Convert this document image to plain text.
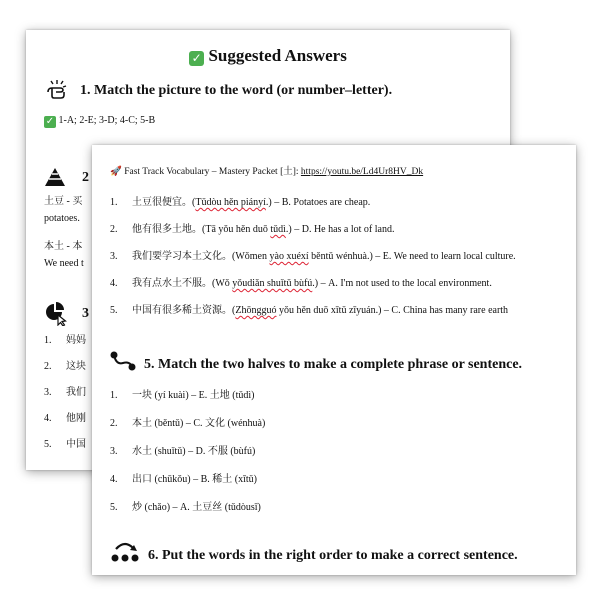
✓ Suggested Answers
1. Match the picture to the word (or number–letter).
✓ 1-A; 2-E; 3-D; 4-C; 5-B
2
土豆 - 买
potatoes.
本土 - 本
We need t
3
1. 妈妈
2. 这块
3. 我们
4. 他刚
5. 中国
🚀 Fast Track Vocabulary – Mastery Packet [土]: https://youtu.be/Ld4Ur8HV_Dk
1. 土豆很便宜。(Tǔdòu hěn piányí.) – B. Potatoes are cheap.
2. 他有很多土地。(Tā yǒu hěn duō tǔdì.) – D. He has a lot of land.
3. 我们要学习本土文化。(Wǒmen yào xuéxí běntǔ wénhuà.) – E. We need to learn local culture.
4. 我有点水土不服。(Wǒ yǒudiǎn shuǐtǔ bùfú.) – A. I'm not used to the local environment.
5. 中国有很多稀土资源。(Zhōngguó yǒu hěn duō xītǔ zīyuán.) – C. China has many rare earth
5. Match the two halves to make a complete phrase or sentence.
1. 一块 (yí kuài) – E. 土地 (tǔdì)
2. 本土 (běntǔ) – C. 文化 (wénhuà)
3. 水土 (shuǐtǔ) – D. 不服 (bùfú)
4. 出口 (chūkǒu) – B. 稀土 (xītǔ)
5. 炒 (chǎo) – A. 土豆丝 (tǔdòusī)
6. Put the words in the right order to make a correct sentence.
